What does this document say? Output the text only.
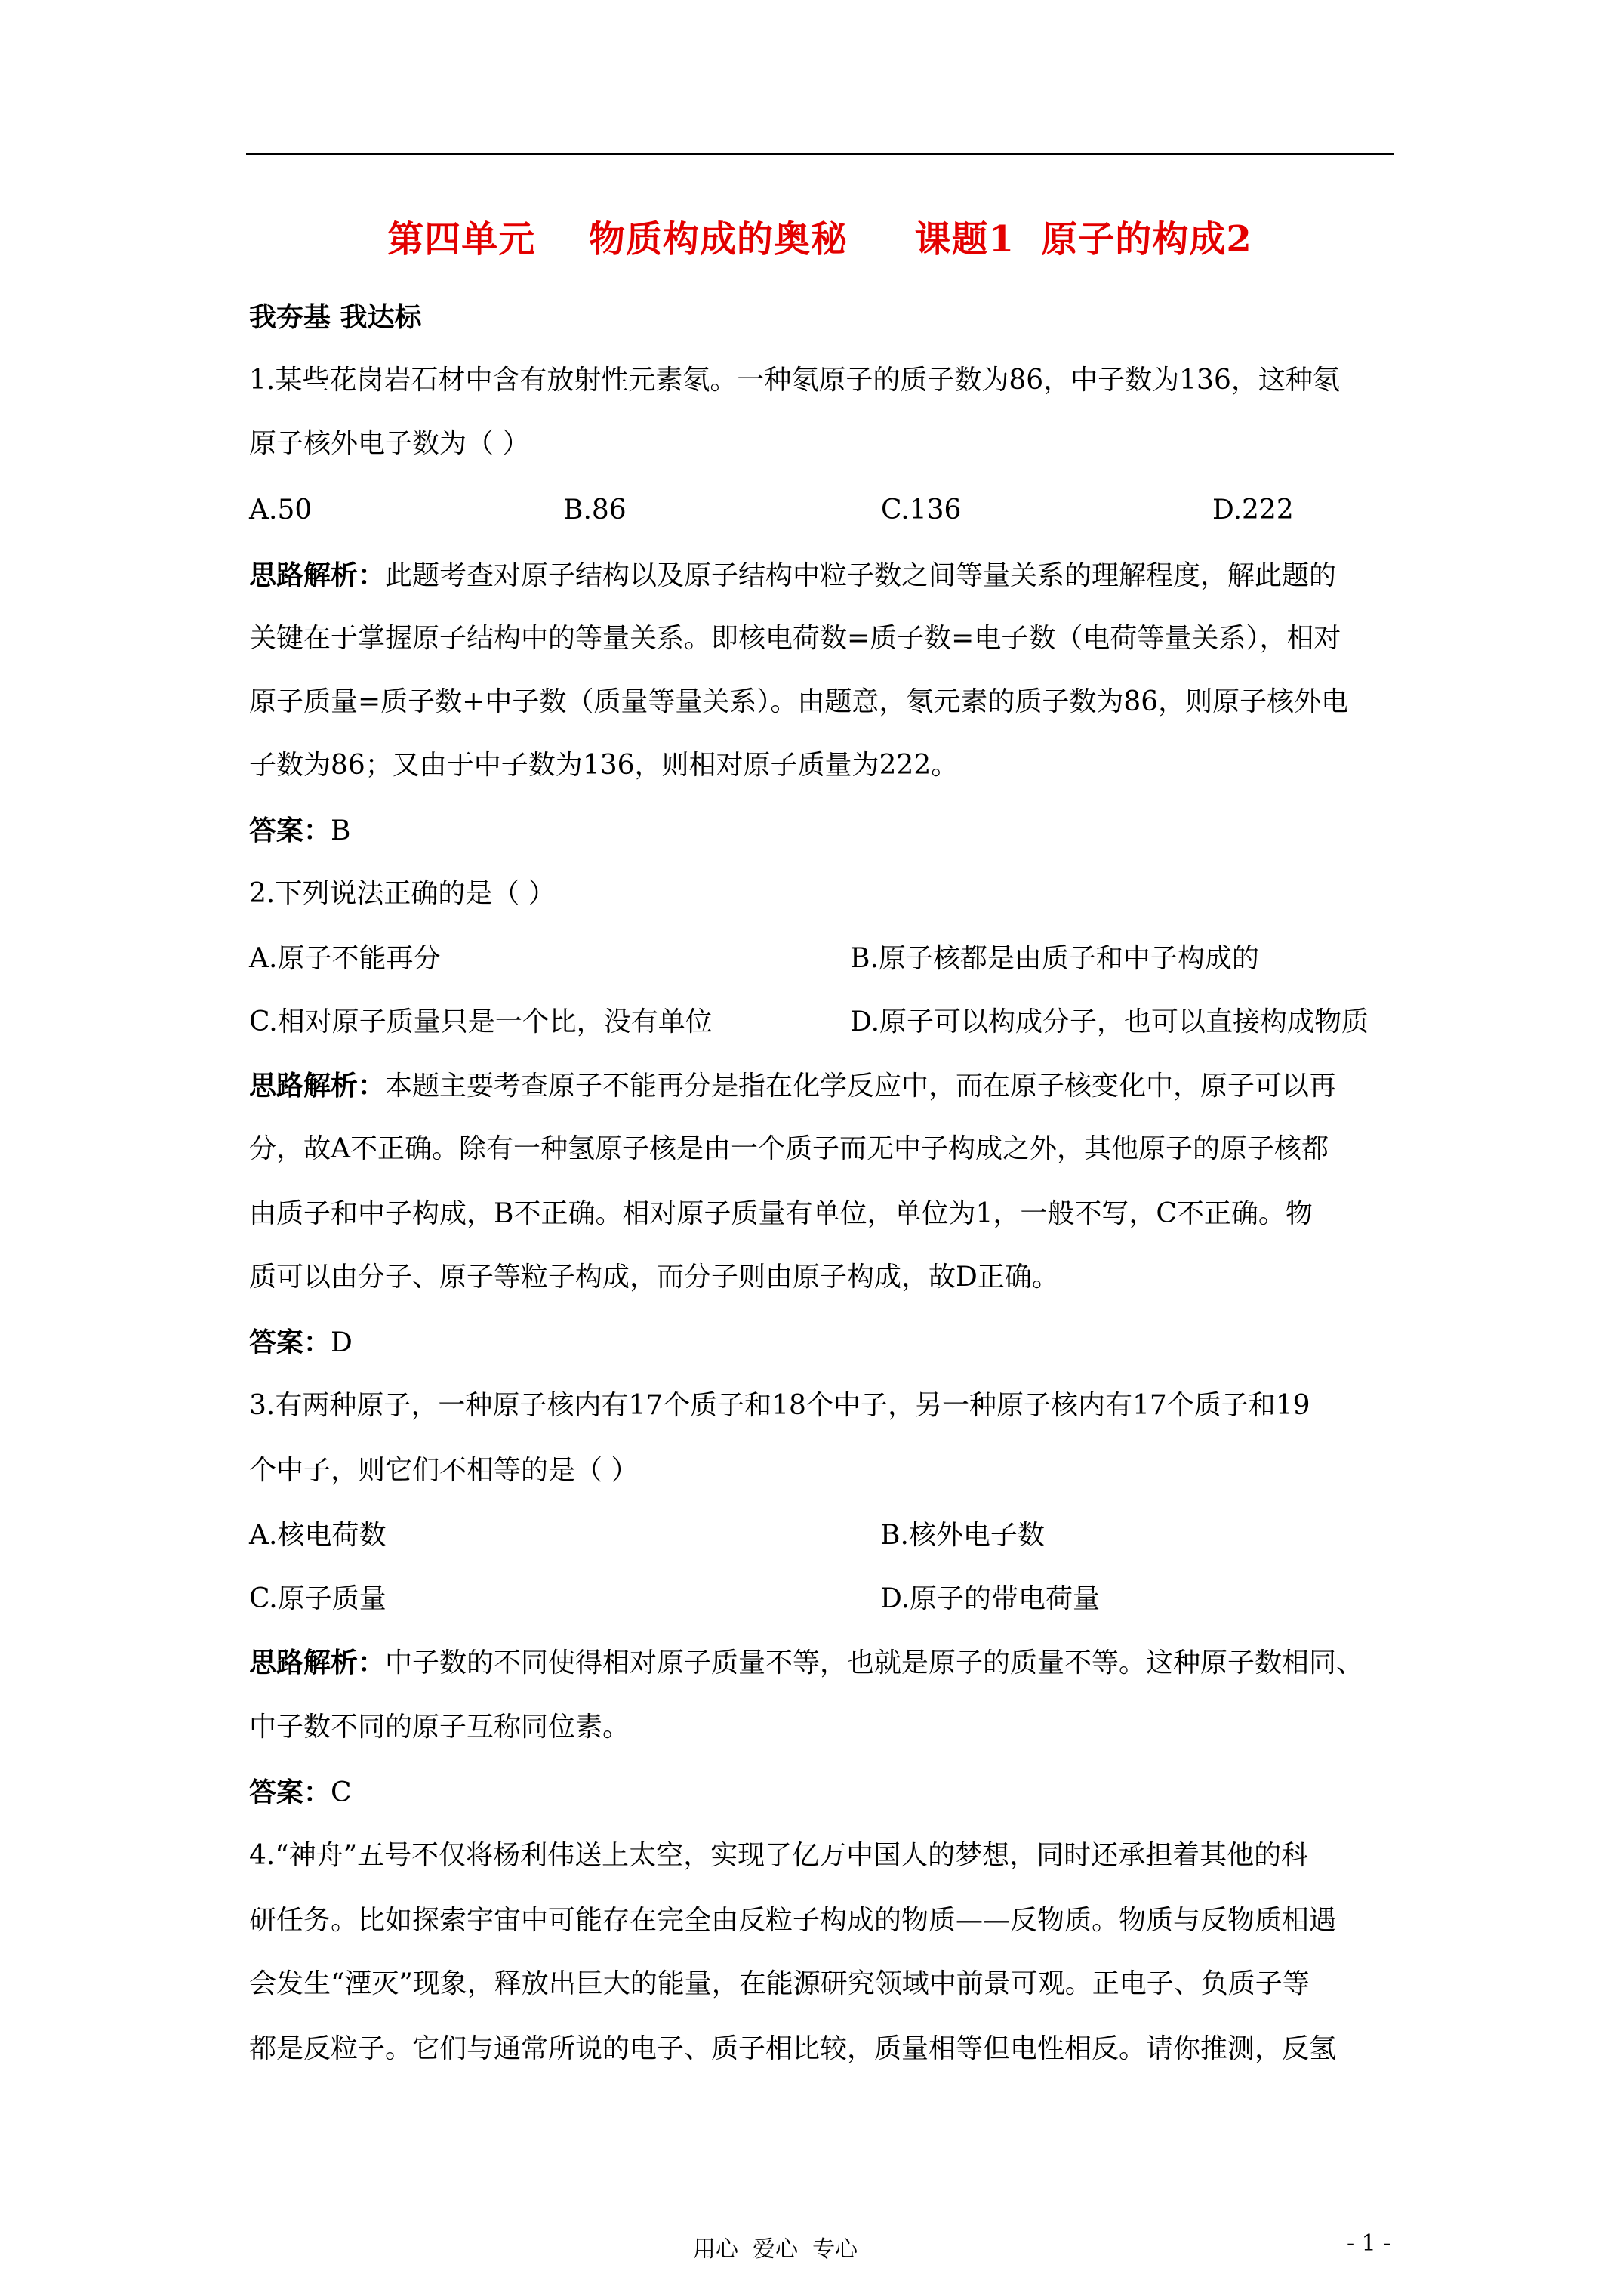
第四单元    物质构成的奥秘     课题1  原子的构成2
我夯基 我达标
1.某些花岗岩石材中含有放射性元素氡。一种氡原子的质子数为86，中子数为136，这种氡
原子核外电子数为（ ）
A.50	B.86	C.136	D.222
思路解析：此题考查对原子结构以及原子结构中粒子数之间等量关系的理解程度，解此题的
关键在于掌握原子结构中的等量关系。即核电荷数=质子数=电子数（电荷等量关系），相对
原子质量=质子数+中子数（质量等量关系）。由题意，氡元素的质子数为86，则原子核外电
子数为86；又由于中子数为136，则相对原子质量为222。
答案：B
2.下列说法正确的是（ ）
A.原子不能再分	B.原子核都是由质子和中子构成的
C.相对原子质量只是一个比，没有单位	D.原子可以构成分子，也可以直接构成物质
思路解析：本题主要考查原子不能再分是指在化学反应中，而在原子核变化中，原子可以再
分，故A不正确。除有一种氢原子核是由一个质子而无中子构成之外，其他原子的原子核都
由质子和中子构成，B不正确。相对原子质量有单位，单位为1，一般不写，C不正确。物
质可以由分子、原子等粒子构成，而分子则由原子构成，故D正确。
答案：D
3.有两种原子，一种原子核内有17个质子和18个中子，另一种原子核内有17个质子和19
个中子，则它们不相等的是（ ）
A.核电荷数	B.核外电子数
C.原子质量	D.原子的带电荷量
思路解析：中子数的不同使得相对原子质量不等，也就是原子的质量不等。这种原子数相同、
中子数不同的原子互称同位素。
答案：C
4.“神舟”五号不仅将杨利伟送上太空，实现了亿万中国人的梦想，同时还承担着其他的科
研任务。比如探索宇宙中可能存在完全由反粒子构成的物质——反物质。物质与反物质相遇
会发生“湮灭”现象，释放出巨大的能量，在能源研究领域中前景可观。正电子、负质子等
都是反粒子。它们与通常所说的电子、质子相比较，质量相等但电性相反。请你推测，反氢
用心  爱心  专心	- 1 -
